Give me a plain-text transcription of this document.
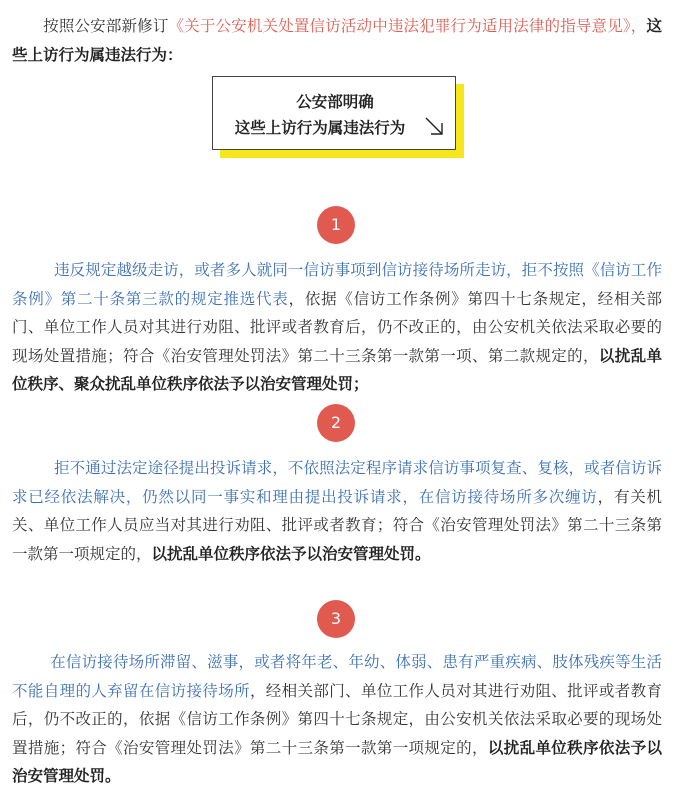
按照公安部新修订《关于公安机关处置信访活动中违法犯罪行为适用法律的指导意见》，这些上访行为属违法行为：

公安部明确
这些上访行为属违法行为
1

违反规定越级走访，或者多人就同一信访事项到信访接待场所走访，拒不按照《信访工作条例》第二十条第三款的规定推选代表，依据《信访工作条例》第四十七条规定，经相关部门、单位工作人员对其进行劝阻、批评或者教育后，仍不改正的，由公安机关依法采取必要的现场处置措施；符合《治安管理处罚法》第二十三条第一款第一项、第二款规定的，以扰乱单位秩序、聚众扰乱单位秩序依法予以治安管理处罚；

2

拒不通过法定途径提出投诉请求，不依照法定程序请求信访事项复查、复核，或者信访诉求已经依法解决，仍然以同一事实和理由提出投诉请求，在信访接待场所多次缠访，有关机关、单位工作人员应当对其进行劝阻、批评或者教育；符合《治安管理处罚法》第二十三条第一款第一项规定的，以扰乱单位秩序依法予以治安管理处罚。

3

在信访接待场所滞留、滋事，或者将年老、年幼、体弱、患有严重疾病、肢体残疾等生活不能自理的人弃留在信访接待场所，经相关部门、单位工作人员对其进行劝阻、批评或者教育后，仍不改正的，依据《信访工作条例》第四十七条规定，由公安机关依法采取必要的现场处置措施；符合《治安管理处罚法》第二十三条第一款第一项规定的，以扰乱单位秩序依法予以治安管理处罚。
